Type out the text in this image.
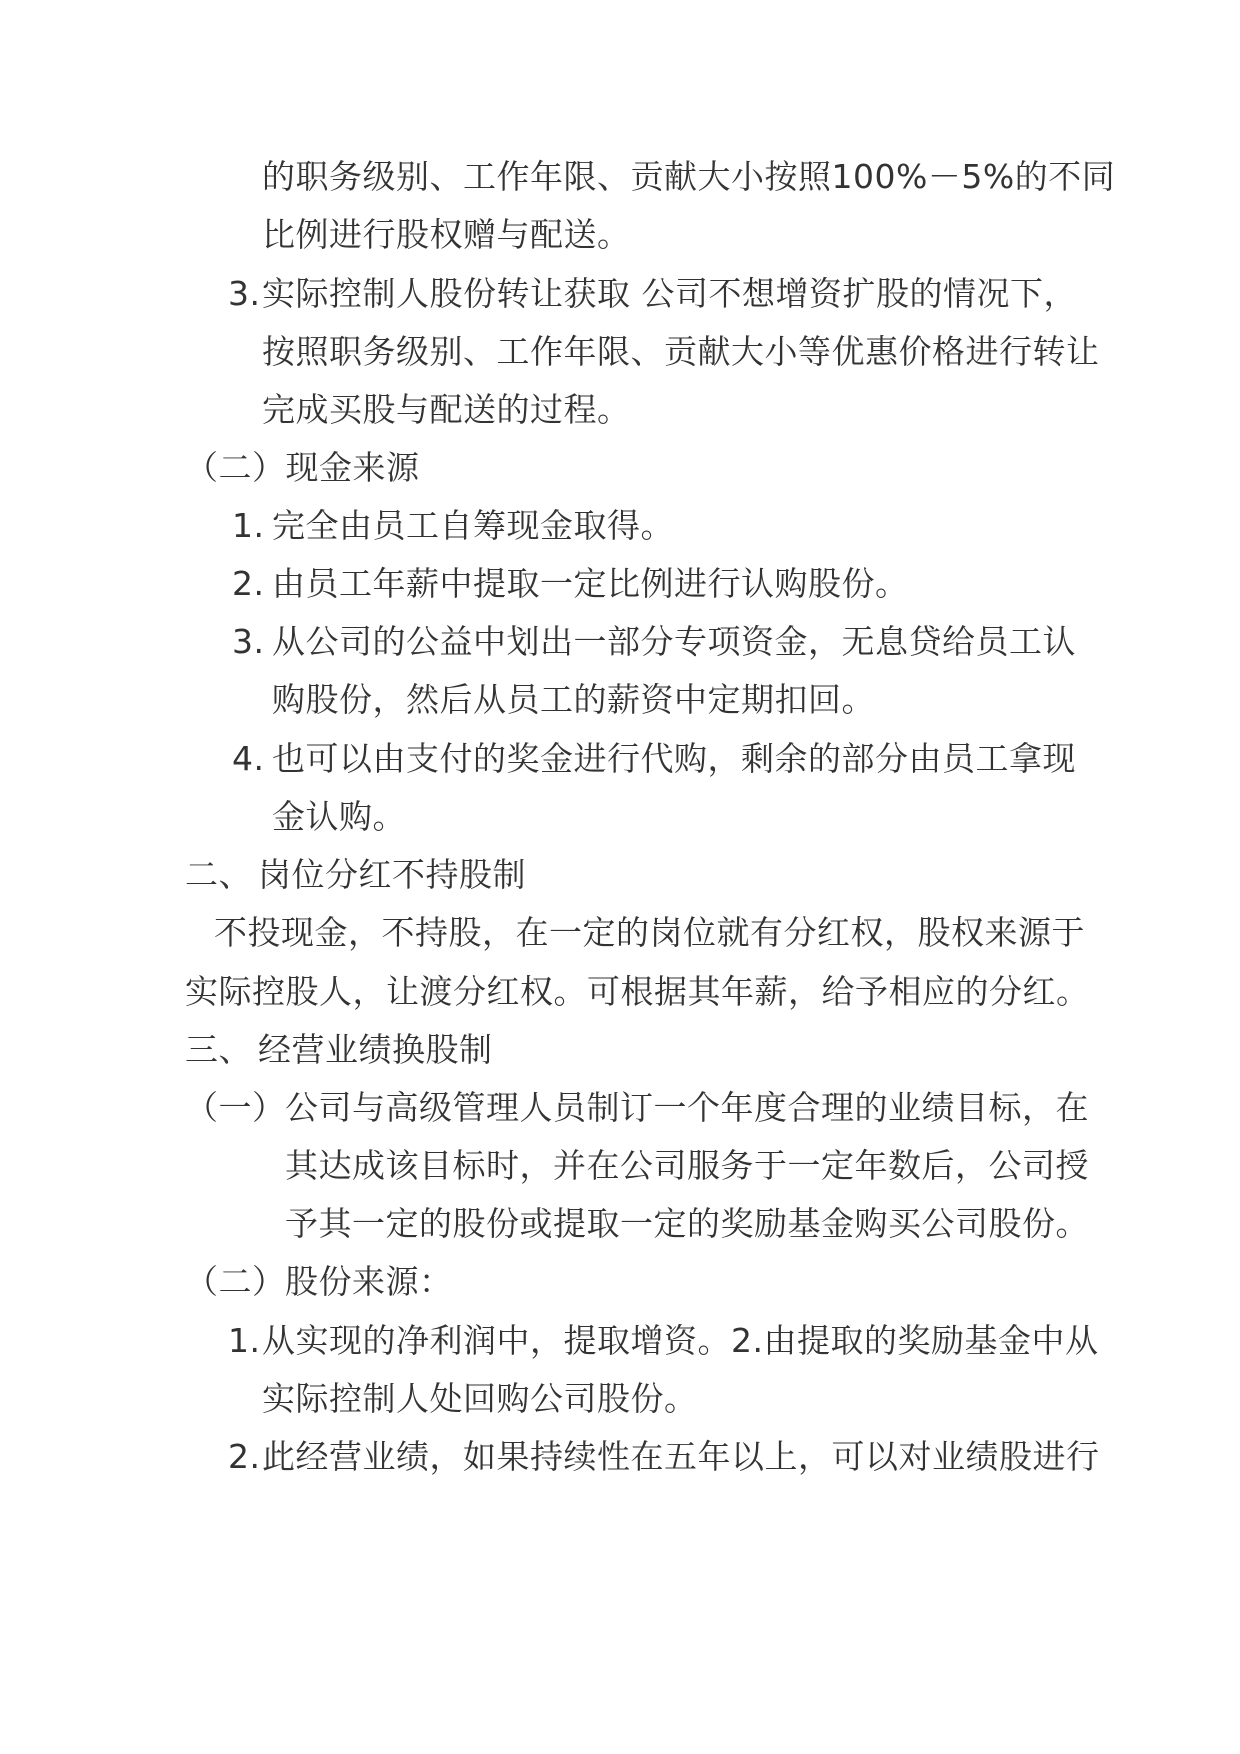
的职务级别、工作年限、贡献大小按照100%－5%的不同
比例进行股权赠与配送。
3. 实际控制人股份转让获取 公司不想增资扩股的情况下，
按照职务级别、工作年限、贡献大小等优惠价格进行转让
完成买股与配送的过程。
（二）现金来源
1. 完全由员工自筹现金取得。
2. 由员工年薪中提取一定比例进行认购股份。
3. 从公司的公益中划出一部分专项资金，无息贷给员工认
购股份，然后从员工的薪资中定期扣回。
4. 也可以由支付的奖金进行代购，剩余的部分由员工拿现
金认购。
二、 岗位分红不持股制
不投现金，不持股，在一定的岗位就有分红权，股权来源于
实际控股人，让渡分红权。可根据其年薪，给予相应的分红。
三、 经营业绩换股制
（一） 公司与高级管理人员制订一个年度合理的业绩目标，在
其达成该目标时，并在公司服务于一定年数后，公司授
予其一定的股份或提取一定的奖励基金购买公司股份。
（二） 股份来源：
1. 从实现的净利润中，提取增资。2.由提取的奖励基金中从
实际控制人处回购公司股份。
2. 此经营业绩，如果持续性在五年以上，可以对业绩股进行
